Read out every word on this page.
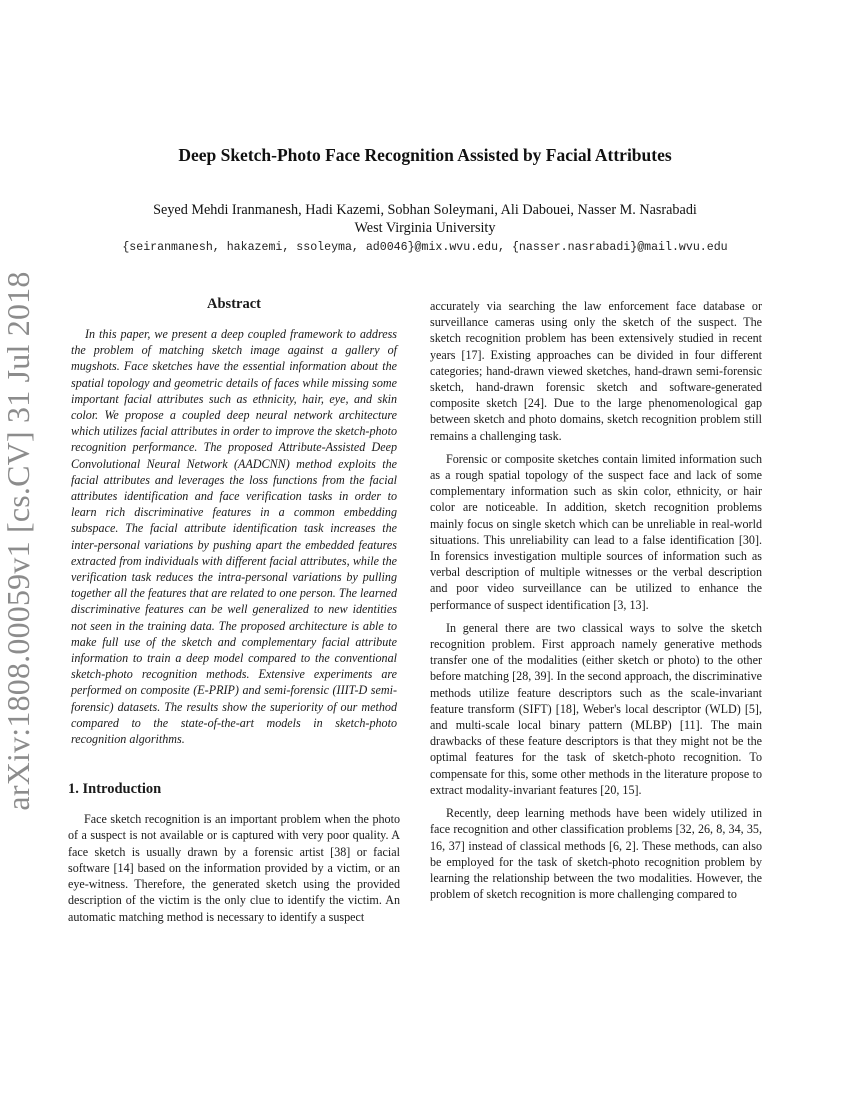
arXiv:1808.00059v1 [cs.CV] 31 Jul 2018
Deep Sketch-Photo Face Recognition Assisted by Facial Attributes
Seyed Mehdi Iranmanesh, Hadi Kazemi, Sobhan Soleymani, Ali Dabouei, Nasser M. Nasrabadi
West Virginia University
{seiranmanesh, hakazemi, ssoleyma, ad0046}@mix.wvu.edu, {nasser.nasrabadi}@mail.wvu.edu
Abstract

In this paper, we present a deep coupled framework to address the problem of matching sketch image against a gallery of mugshots. Face sketches have the essential information about the spatial topology and geometric details of faces while missing some important facial attributes such as ethnicity, hair, eye, and skin color. We propose a coupled deep neural network architecture which utilizes facial attributes in order to improve the sketch-photo recognition performance. The proposed Attribute-Assisted Deep Convolutional Neural Network (AADCNN) method exploits the facial attributes and leverages the loss functions from the facial attributes identification and face verification tasks in order to learn rich discriminative features in a common embedding subspace. The facial attribute identification task increases the inter-personal variations by pushing apart the embedded features extracted from individuals with different facial attributes, while the verification task reduces the intra-personal variations by pulling together all the features that are related to one person. The learned discriminative features can be well generalized to new identities not seen in the training data. The proposed architecture is able to make full use of the sketch and complementary facial attribute information to train a deep model compared to the conventional sketch-photo recognition methods. Extensive experiments are performed on composite (E-PRIP) and semi-forensic (IIIT-D semi-forensic) datasets. The results show the superiority of our method compared to the state-of-the-art models in sketch-photo recognition algorithms.

1. Introduction

Face sketch recognition is an important problem when the photo of a suspect is not available or is captured with very poor quality. A face sketch is usually drawn by a forensic artist [38] or facial software [14] based on the information provided by a victim, or an eye-witness. Therefore, the generated sketch using the provided description of the victim is the only clue to identify the victim. An automatic matching method is necessary to identify a suspect

accurately via searching the law enforcement face database or surveillance cameras using only the sketch of the suspect. The sketch recognition problem has been extensively studied in recent years [17]. Existing approaches can be divided in four different categories; hand-drawn viewed sketches, hand-drawn semi-forensic sketch, hand-drawn forensic sketch and software-generated composite sketch [24]. Due to the large phenomenological gap between sketch and photo domains, sketch recognition problem still remains a challenging task.

Forensic or composite sketches contain limited information such as a rough spatial topology of the suspect face and lack of some complementary information such as skin color, ethnicity, or hair color are noticeable. In addition, sketch recognition problems mainly focus on single sketch which can be unreliable in real-world situations. This unreliability can lead to a false identification [30]. In forensics investigation multiple sources of information such as verbal description of multiple witnesses or the verbal description and poor video surveillance can be utilized to enhance the performance of suspect identification [3, 13].

In general there are two classical ways to solve the sketch recognition problem. First approach namely generative methods transfer one of the modalities (either sketch or photo) to the other before matching [28, 39]. In the second approach, the discriminative methods utilize feature descriptors such as the scale-invariant feature transform (SIFT) [18], Weber's local descriptor (WLD) [5], and multi-scale local binary pattern (MLBP) [11]. The main drawbacks of these feature descriptors is that they might not be the optimal features for the task of sketch-photo recognition. To compensate for this, some other methods in the literature propose to extract modality-invariant features [20, 15].

Recently, deep learning methods have been widely utilized in face recognition and other classification problems [32, 26, 8, 34, 35, 16, 37] instead of classical methods [6, 2]. These methods, can also be employed for the task of sketch-photo recognition problem by learning the relationship between the two modalities. However, the problem of sketch recognition is more challenging compared to
